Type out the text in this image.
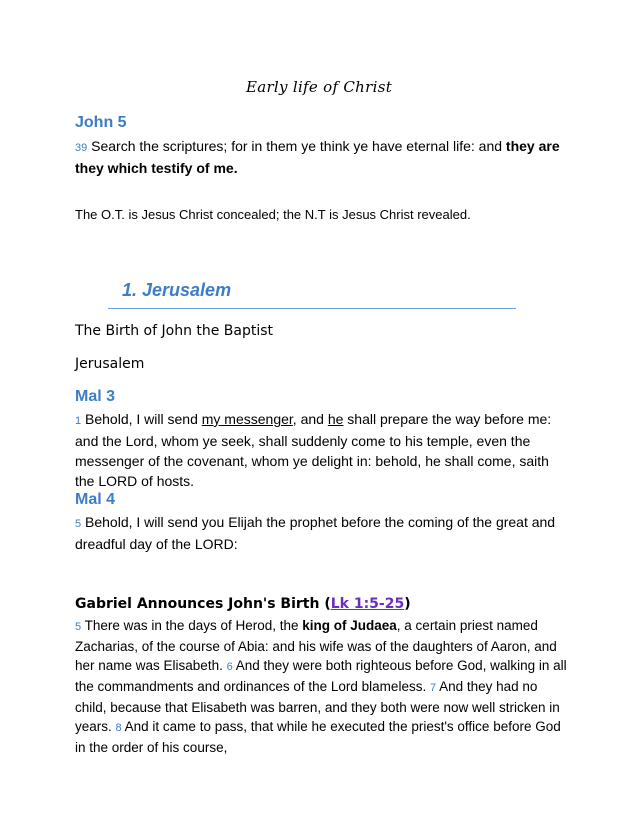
Early life of Christ
John 5

39 Search the scriptures; for in them ye think ye have eternal life: and they are they which testify of me.

The O.T. is Jesus Christ concealed; the N.T is Jesus Christ revealed.

1. Jerusalem

The Birth of John the Baptist

Jerusalem

Mal 3

1 Behold, I will send my messenger, and he shall prepare the way before me: and the Lord, whom ye seek, shall suddenly come to his temple, even the messenger of the covenant, whom ye delight in: behold, he shall come, saith the LORD of hosts.

Mal 4

5 Behold, I will send you Elijah the prophet before the coming of the great and dreadful day of the LORD:

Gabriel Announces John's Birth (Lk 1:5-25)

5 There was in the days of Herod, the king of Judaea, a certain priest named Zacharias, of the course of Abia: and his wife was of the daughters of Aaron, and her name was Elisabeth. 6 And they were both righteous before God, walking in all the commandments and ordinances of the Lord blameless. 7 And they had no child, because that Elisabeth was barren, and they both were now well stricken in years. 8 And it came to pass, that while he executed the priest's office before God in the order of his course,
